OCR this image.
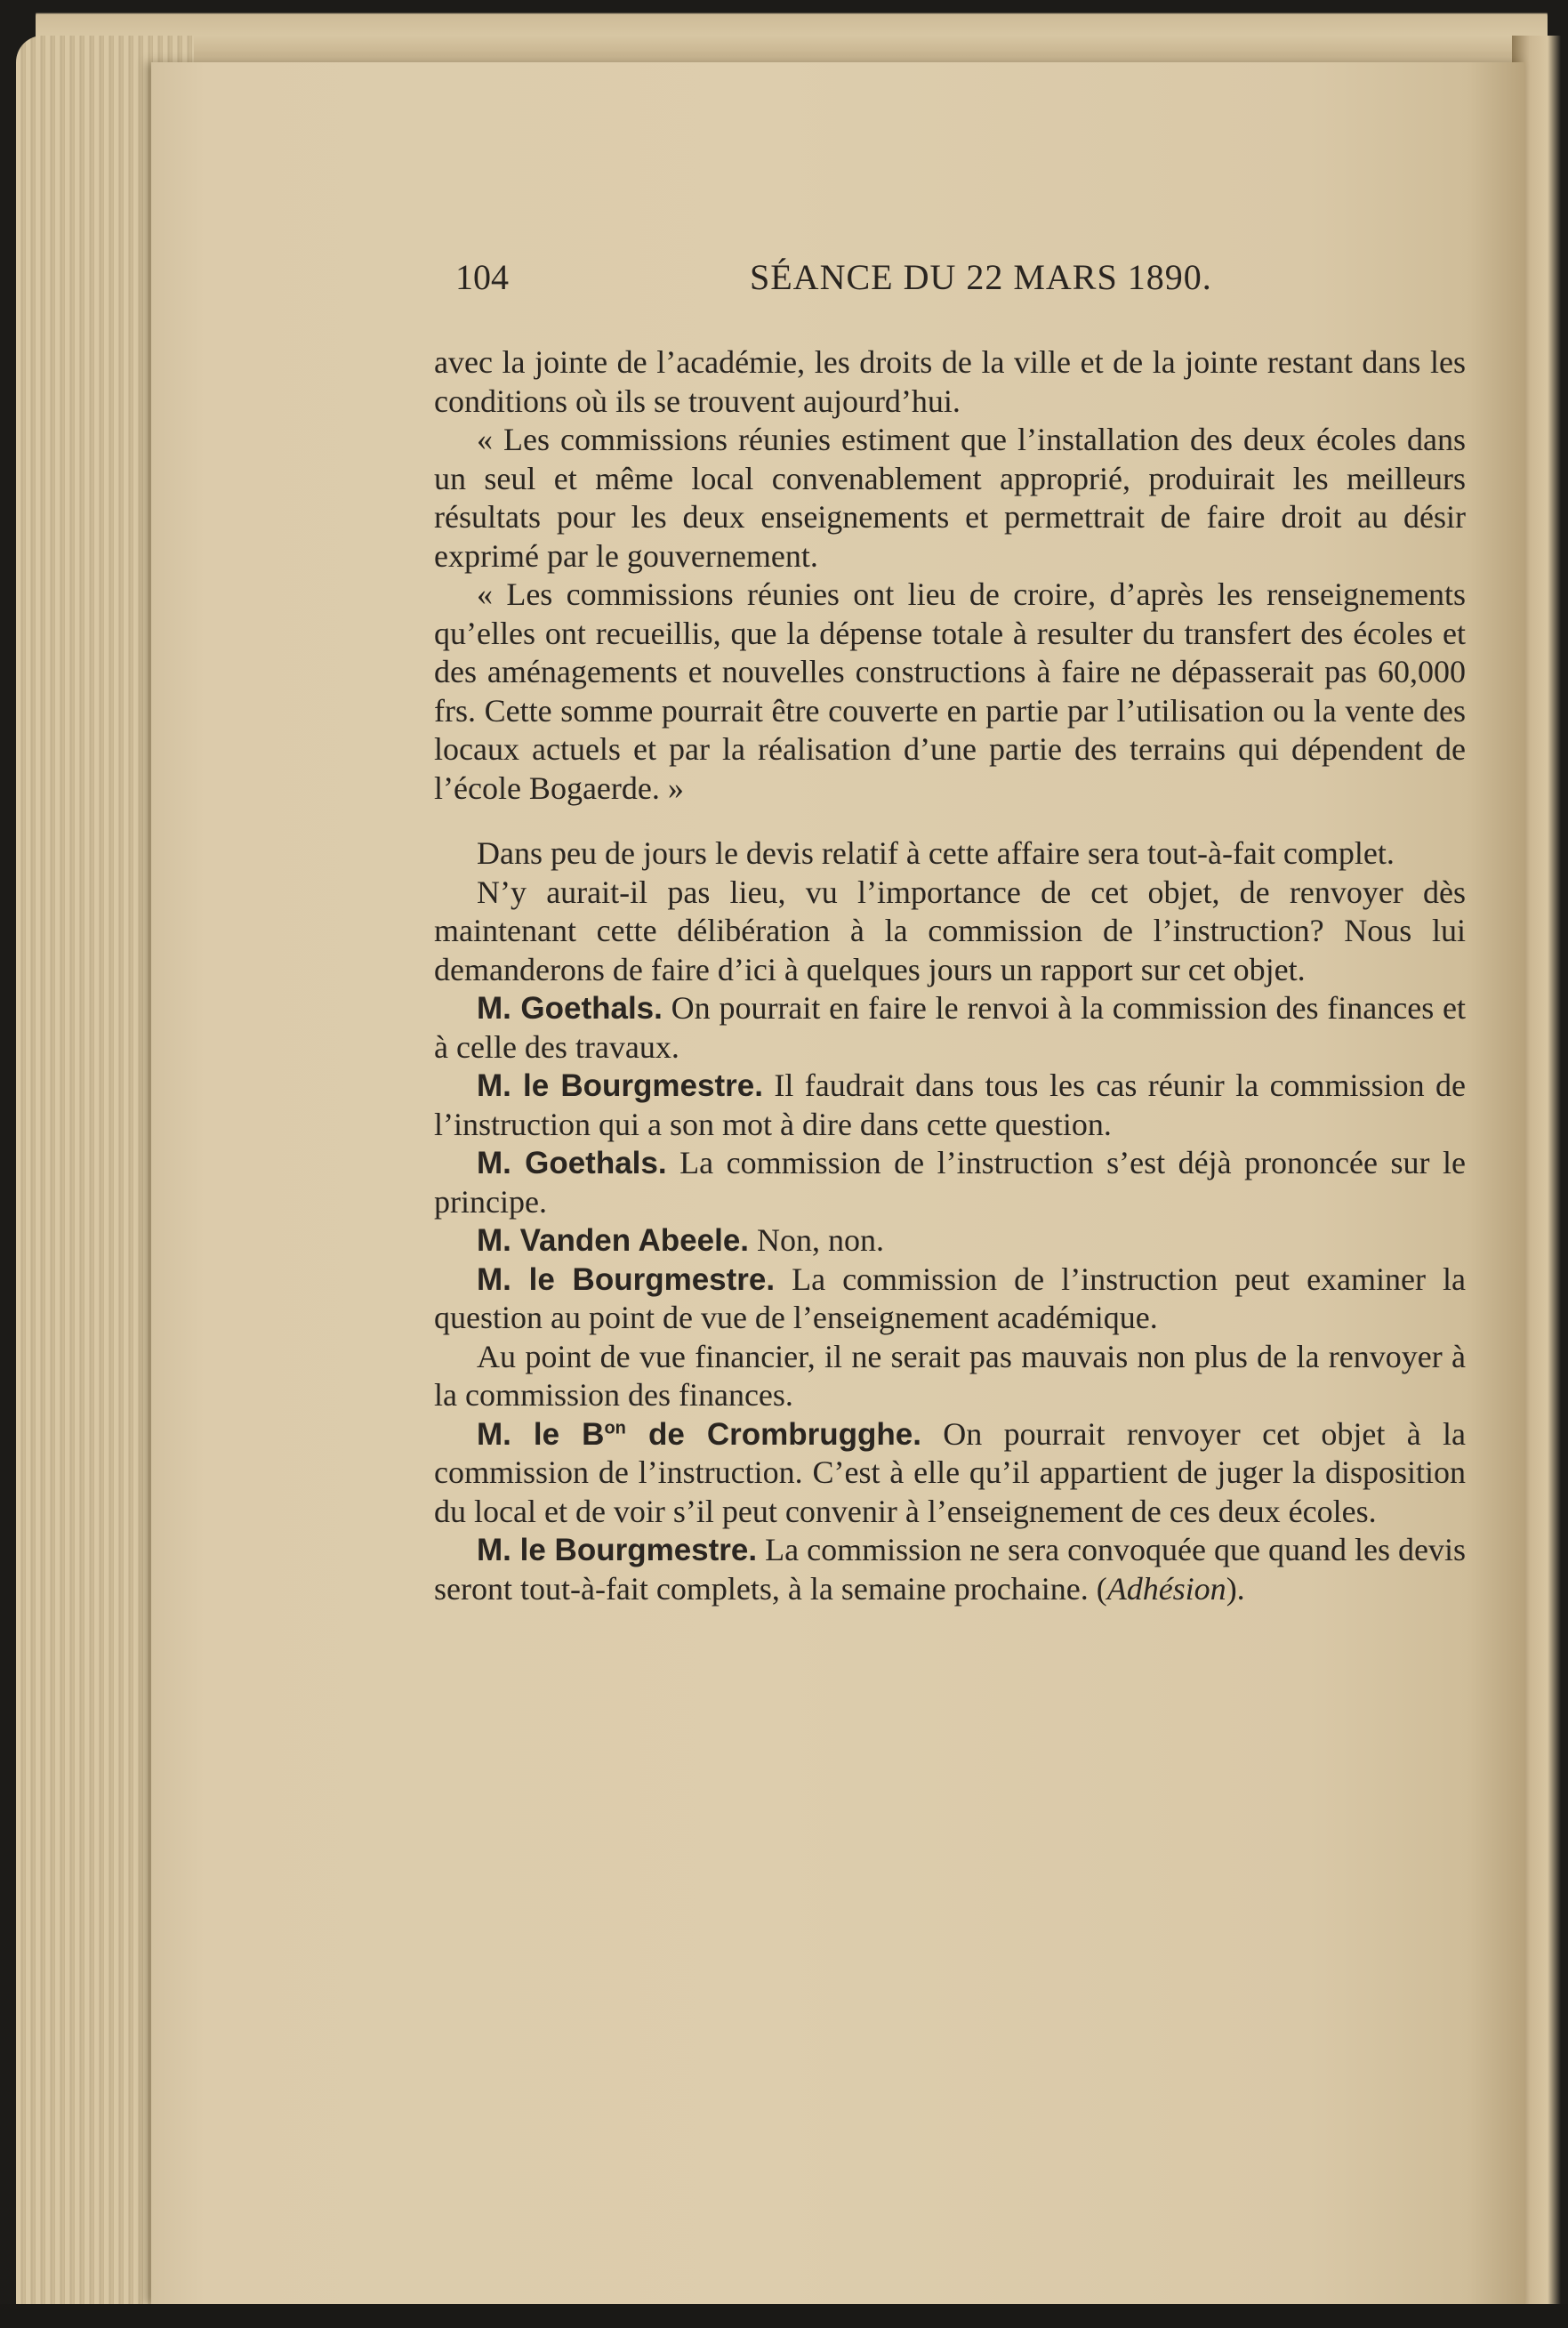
104	SÉANCE DU 22 MARS 1890.

avec la jointe de l’académie, les droits de la ville et de la jointe restant dans les conditions où ils se trouvent aujourd’hui.

« Les commissions réunies estiment que l’installation des deux écoles dans un seul et même local convenablement approprié, produirait les meilleurs résultats pour les deux enseignements et permettrait de faire droit au désir exprimé par le gouvernement.

« Les commissions réunies ont lieu de croire, d’après les renseignements qu’elles ont recueillis, que la dépense totale à resulter du transfert des écoles et des aménagements et nouvelles constructions à faire ne dépasserait pas 60,000 frs. Cette somme pourrait être couverte en partie par l’utilisation ou la vente des locaux actuels et par la réalisation d’une partie des terrains qui dépendent de l’école Bogaerde. »

Dans peu de jours le devis relatif à cette affaire sera tout-à-fait complet.

N’y aurait-il pas lieu, vu l’importance de cet objet, de renvoyer dès maintenant cette délibération à la commission de l’instruction? Nous lui demanderons de faire d’ici à quelques jours un rapport sur cet objet.

M. Goethals. On pourrait en faire le renvoi à la commission des finances et à celle des travaux.

M. le Bourgmestre. Il faudrait dans tous les cas réunir la commission de l’instruction qui a son mot à dire dans cette question.

M. Goethals. La commission de l’instruction s’est déjà prononcée sur le principe.

M. Vanden Abeele. Non, non.

M. le Bourgmestre. La commission de l’instruction peut examiner la question au point de vue de l’enseignement académique.

Au point de vue financier, il ne serait pas mauvais non plus de la renvoyer à la commission des finances.

M. le $B^{on}$ de Crombrugghe. On pourrait renvoyer cet objet à la commission de l’instruction. C’est à elle qu’il appartient de juger la disposition du local et de voir s’il peut convenir à l’enseignement de ces deux écoles.

M. le Bourgmestre. La commission ne sera convoquée que quand les devis seront tout-à-fait complets, à la semaine prochaine. (Adhésion).
